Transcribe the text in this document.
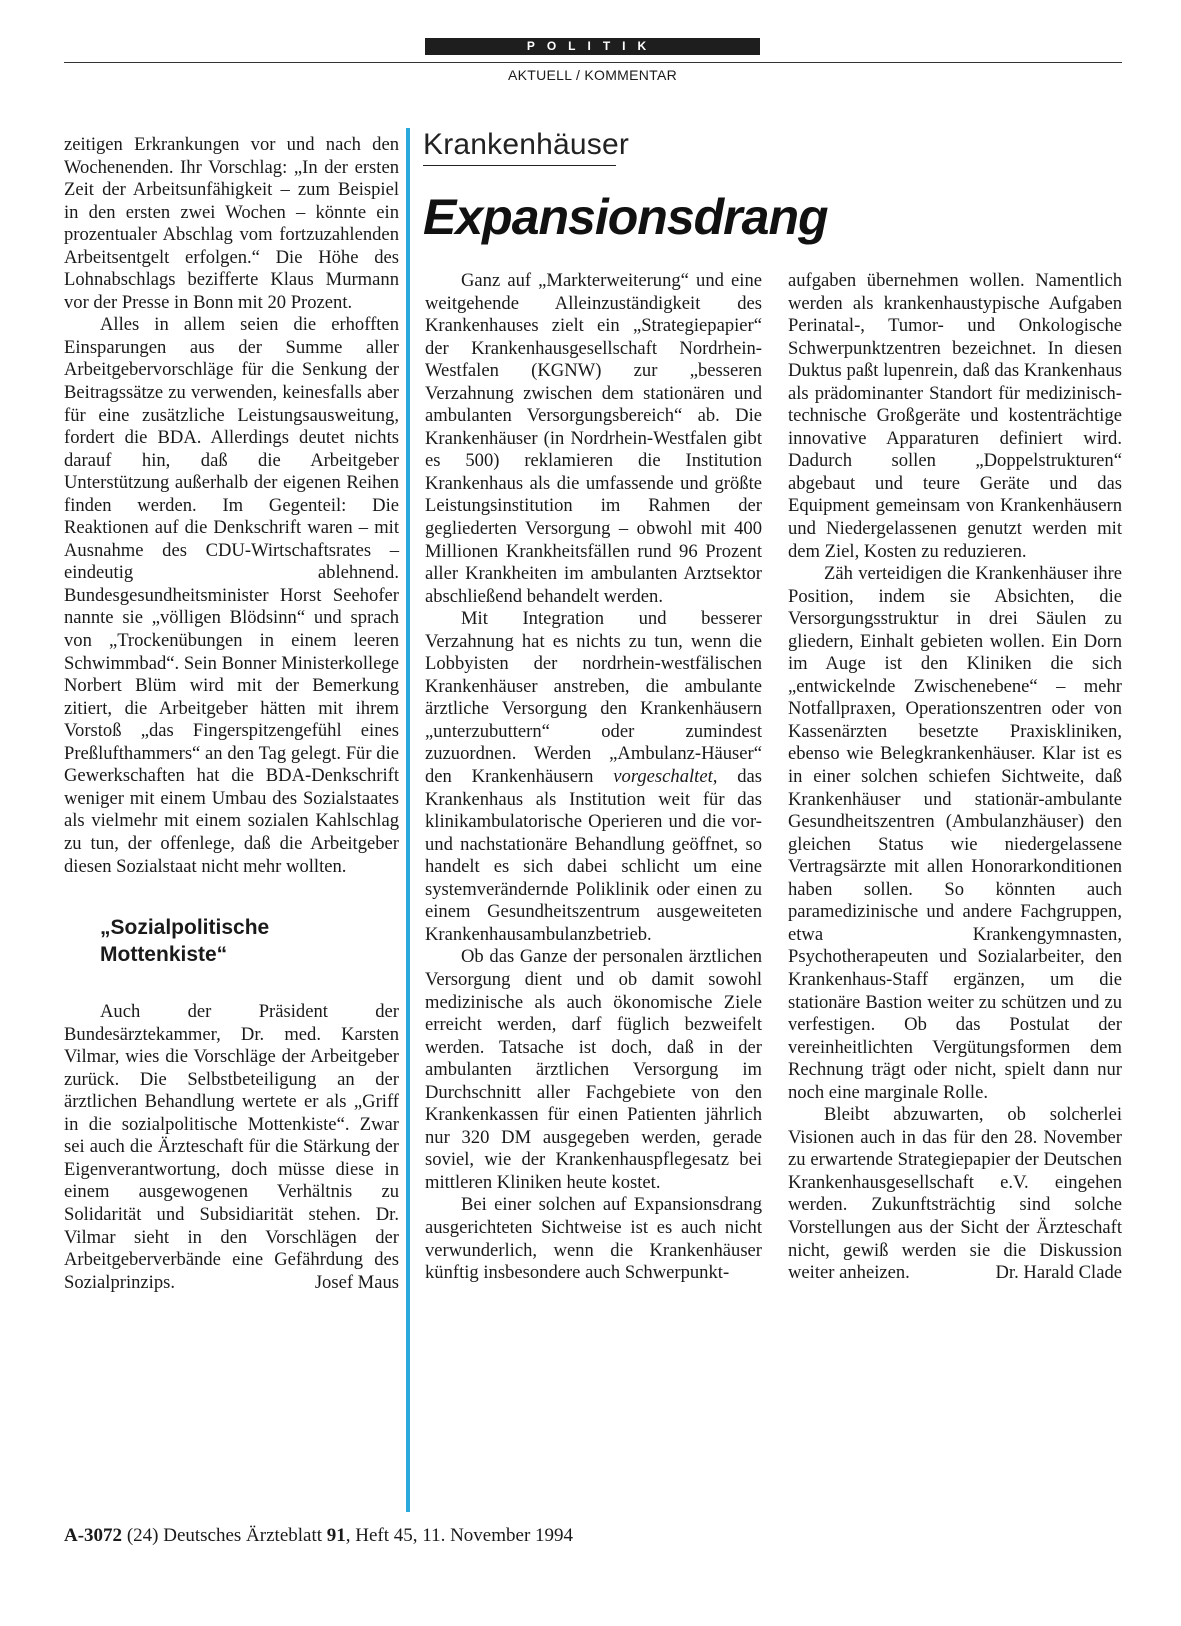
POLITIK
AKTUELL / KOMMENTAR

zeitigen Erkrankungen vor und nach den Wochenenden. Ihr Vorschlag: „In der ersten Zeit der Arbeitsunfähigkeit – zum Beispiel in den ersten zwei Wochen – könnte ein prozentualer Abschlag vom fortzuzahlenden Arbeitsentgelt erfolgen.“ Die Höhe des Lohnabschlags bezifferte Klaus Murmann vor der Presse in Bonn mit 20 Prozent.

Alles in allem seien die erhofften Einsparungen aus der Summe aller Arbeitgebervorschläge für die Senkung der Beitragssätze zu verwenden, keinesfalls aber für eine zusätzliche Leistungsausweitung, fordert die BDA. Allerdings deutet nichts darauf hin, daß die Arbeitgeber Unterstützung außerhalb der eigenen Reihen finden werden. Im Gegenteil: Die Reaktionen auf die Denkschrift waren – mit Ausnahme des CDU-Wirtschaftsrates – eindeutig ablehnend. Bundesgesundheitsminister Horst Seehofer nannte sie „völligen Blödsinn“ und sprach von „Trockenübungen in einem leeren Schwimmbad“. Sein Bonner Ministerkollege Norbert Blüm wird mit der Bemerkung zitiert, die Arbeitgeber hätten mit ihrem Vorstoß „das Fingerspitzengefühl eines Preßlufthammers“ an den Tag gelegt. Für die Gewerkschaften hat die BDA-Denkschrift weniger mit einem Umbau des Sozialstaates als vielmehr mit einem sozialen Kahlschlag zu tun, der offenlege, daß die Arbeitgeber diesen Sozialstaat nicht mehr wollten.

„Sozialpolitische
Mottenkiste“

Auch der Präsident der Bundesärztekammer, Dr. med. Karsten Vilmar, wies die Vorschläge der Arbeitgeber zurück. Die Selbstbeteiligung an der ärztlichen Behandlung wertete er als „Griff in die sozialpolitische Mottenkiste“. Zwar sei auch die Ärzteschaft für die Stärkung der Eigenverantwortung, doch müsse diese in einem ausgewogenen Verhältnis zu Solidarität und Subsidiarität stehen. Dr. Vilmar sieht in den Vorschlägen der Arbeitgeberverbände eine Gefährdung des Sozialprinzips.	Josef Maus

Krankenhäuser
Expansionsdrang

Ganz auf „Markterweiterung“ und eine weitgehende Alleinzuständigkeit des Krankenhauses zielt ein „Strategiepapier“ der Krankenhausgesellschaft Nordrhein-Westfalen (KGNW) zur „besseren Verzahnung zwischen dem stationären und ambulanten Versorgungsbereich“ ab. Die Krankenhäuser (in Nordrhein-Westfalen gibt es 500) reklamieren die Institution Krankenhaus als die umfassende und größte Leistungsinstitution im Rahmen der gegliederten Versorgung – obwohl mit 400 Millionen Krankheitsfällen rund 96 Prozent aller Krankheiten im ambulanten Arztsektor abschließend behandelt werden.

Mit Integration und besserer Verzahnung hat es nichts zu tun, wenn die Lobbyisten der nordrhein-westfälischen Krankenhäuser anstreben, die ambulante ärztliche Versorgung den Krankenhäusern „unterzubuttern“ oder zumindest zuzuordnen. Werden „Ambulanz-Häuser“ den Krankenhäusern vorgeschaltet, das Krankenhaus als Institution weit für das klinikambulatorische Operieren und die vor- und nachstationäre Behandlung geöffnet, so handelt es sich dabei schlicht um eine systemverändernde Poliklinik oder einen zu einem Gesundheitszentrum ausgeweiteten Krankenhausambulanzbetrieb.

Ob das Ganze der personalen ärztlichen Versorgung dient und ob damit sowohl medizinische als auch ökonomische Ziele erreicht werden, darf füglich bezweifelt werden. Tatsache ist doch, daß in der ambulanten ärztlichen Versorgung im Durchschnitt aller Fachgebiete von den Krankenkassen für einen Patienten jährlich nur 320 DM ausgegeben werden, gerade soviel, wie der Krankenhauspflegesatz bei mittleren Kliniken heute kostet.

Bei einer solchen auf Expansionsdrang ausgerichteten Sichtweise ist es auch nicht verwunderlich, wenn die Krankenhäuser künftig insbesondere auch Schwerpunkt-

aufgaben übernehmen wollen. Namentlich werden als krankenhaustypische Aufgaben Perinatal-, Tumor- und Onkologische Schwerpunktzentren bezeichnet. In diesen Duktus paßt lupenrein, daß das Krankenhaus als prädominanter Standort für medizinisch-technische Großgeräte und kostenträchtige innovative Apparaturen definiert wird. Dadurch sollen „Doppelstrukturen“ abgebaut und teure Geräte und das Equipment gemeinsam von Krankenhäusern und Niedergelassenen genutzt werden mit dem Ziel, Kosten zu reduzieren.

Zäh verteidigen die Krankenhäuser ihre Position, indem sie Absichten, die Versorgungsstruktur in drei Säulen zu gliedern, Einhalt gebieten wollen. Ein Dorn im Auge ist den Kliniken die sich „entwickelnde Zwischenebene“ – mehr Notfallpraxen, Operationszentren oder von Kassenärzten besetzte Praxiskliniken, ebenso wie Belegkrankenhäuser. Klar ist es in einer solchen schiefen Sichtweite, daß Krankenhäuser und stationär-ambulante Gesundheitszentren (Ambulanzhäuser) den gleichen Status wie niedergelassene Vertragsärzte mit allen Honorarkonditionen haben sollen. So könnten auch paramedizinische und andere Fachgruppen, etwa Krankengymnasten, Psychotherapeuten und Sozialarbeiter, den Krankenhaus-Staff ergänzen, um die stationäre Bastion weiter zu schützen und zu verfestigen. Ob das Postulat der vereinheitlichten Vergütungsformen dem Rechnung trägt oder nicht, spielt dann nur noch eine marginale Rolle.

Bleibt abzuwarten, ob solcherlei Visionen auch in das für den 28. November zu erwartende Strategiepapier der Deutschen Krankenhausgesellschaft e.V. eingehen werden. Zukunftsträchtig sind solche Vorstellungen aus der Sicht der Ärzteschaft nicht, gewiß werden sie die Diskussion weiter anheizen.	Dr. Harald Clade

A-3072 (24) Deutsches Ärzteblatt 91, Heft 45, 11. November 1994
